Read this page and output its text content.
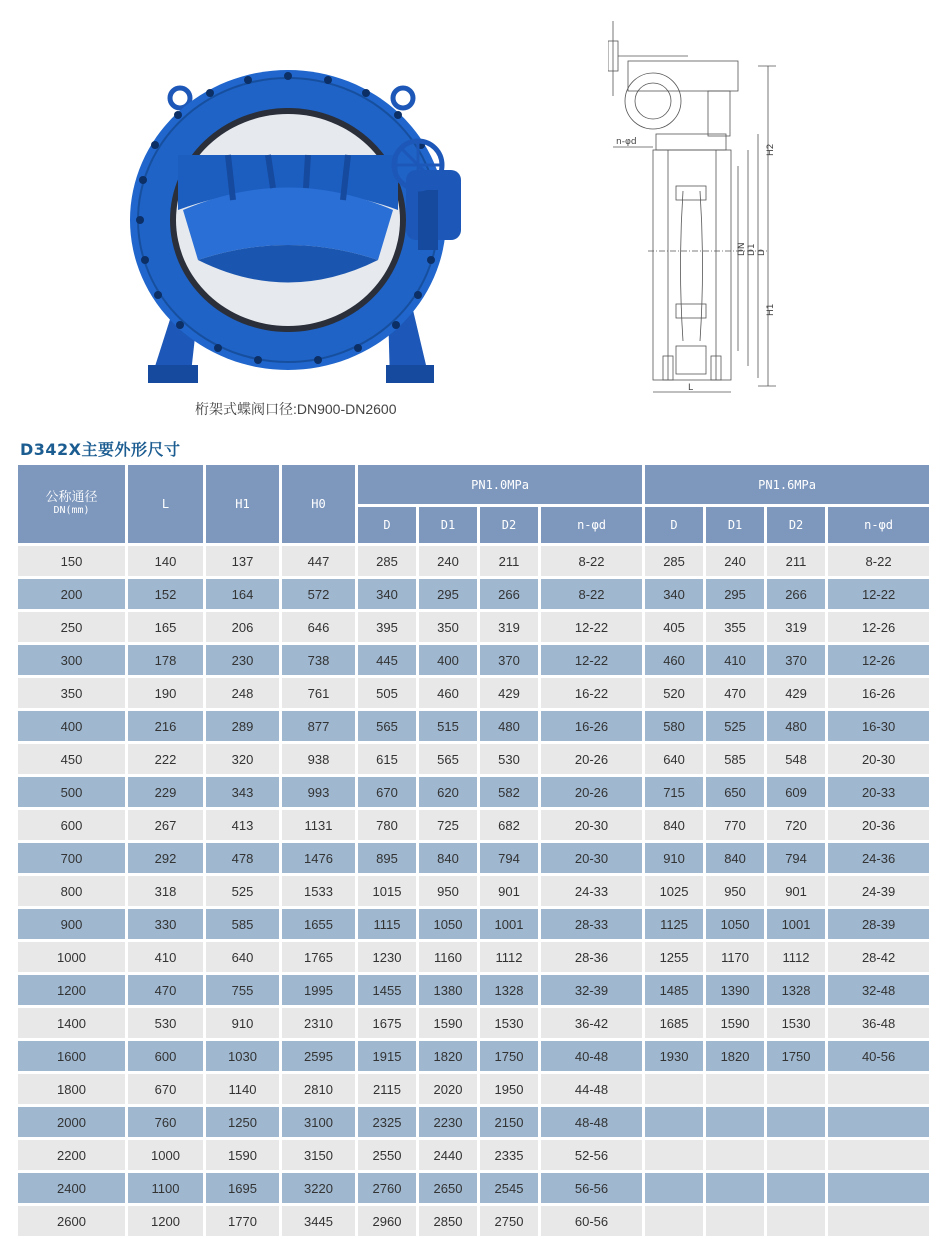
桁架式蝶阀口径:DN900-DN2600
n-φd
H2
H1
DN D1 D
L
D342X主要外形尺寸
公称通径
DN(mm)	L	H1	H0	PN1.0MPa				PN1.6MPa			
				D	D1	D2	n-φd	D	D1	D2	n-φd
150	140	137	447	285	240	211	8-22	285	240	211	8-22
200	152	164	572	340	295	266	8-22	340	295	266	12-22
250	165	206	646	395	350	319	12-22	405	355	319	12-26
300	178	230	738	445	400	370	12-22	460	410	370	12-26
350	190	248	761	505	460	429	16-22	520	470	429	16-26
400	216	289	877	565	515	480	16-26	580	525	480	16-30
450	222	320	938	615	565	530	20-26	640	585	548	20-30
500	229	343	993	670	620	582	20-26	715	650	609	20-33
600	267	413	1131	780	725	682	20-30	840	770	720	20-36
700	292	478	1476	895	840	794	20-30	910	840	794	24-36
800	318	525	1533	1015	950	901	24-33	1025	950	901	24-39
900	330	585	1655	1115	1050	1001	28-33	1125	1050	1001	28-39
1000	410	640	1765	1230	1160	1112	28-36	1255	1170	1112	28-42
1200	470	755	1995	1455	1380	1328	32-39	1485	1390	1328	32-48
1400	530	910	2310	1675	1590	1530	36-42	1685	1590	1530	36-48
1600	600	1030	2595	1915	1820	1750	40-48	1930	1820	1750	40-56
1800	670	1140	2810	2115	2020	1950	44-48				
2000	760	1250	3100	2325	2230	2150	48-48				
2200	1000	1590	3150	2550	2440	2335	52-56				
2400	1100	1695	3220	2760	2650	2545	56-56				
2600	1200	1770	3445	2960	2850	2750	60-56				
